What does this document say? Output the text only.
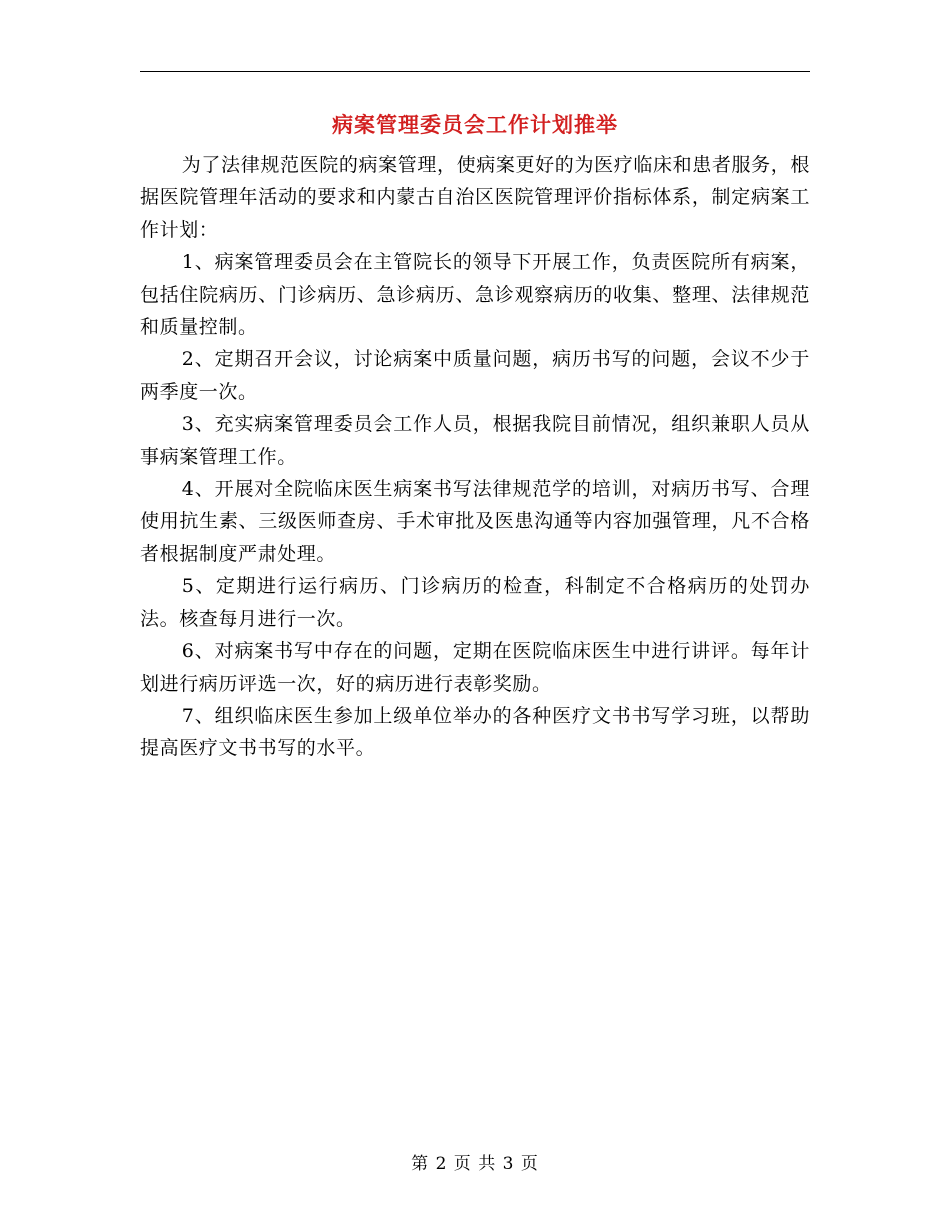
病案管理委员会工作计划推举

为了法律规范医院的病案管理，使病案更好的为医疗临床和患者服务，根据医院管理年活动的要求和内蒙古自治区医院管理评价指标体系，制定病案工作计划：

1、病案管理委员会在主管院长的领导下开展工作，负责医院所有病案，包括住院病历、门诊病历、急诊病历、急诊观察病历的收集、整理、法律规范和质量控制。

2、定期召开会议，讨论病案中质量问题，病历书写的问题，会议不少于两季度一次。

3、充实病案管理委员会工作人员，根据我院目前情况，组织兼职人员从事病案管理工作。

4、开展对全院临床医生病案书写法律规范学的培训，对病历书写、合理使用抗生素、三级医师查房、手术审批及医患沟通等内容加强管理，凡不合格者根据制度严肃处理。

5、定期进行运行病历、门诊病历的检查，科制定不合格病历的处罚办法。核查每月进行一次。

6、对病案书写中存在的问题，定期在医院临床医生中进行讲评。每年计划进行病历评选一次，好的病历进行表彰奖励。

7、组织临床医生参加上级单位举办的各种医疗文书书写学习班，以帮助提高医疗文书书写的水平。

第 2 页 共 3 页
